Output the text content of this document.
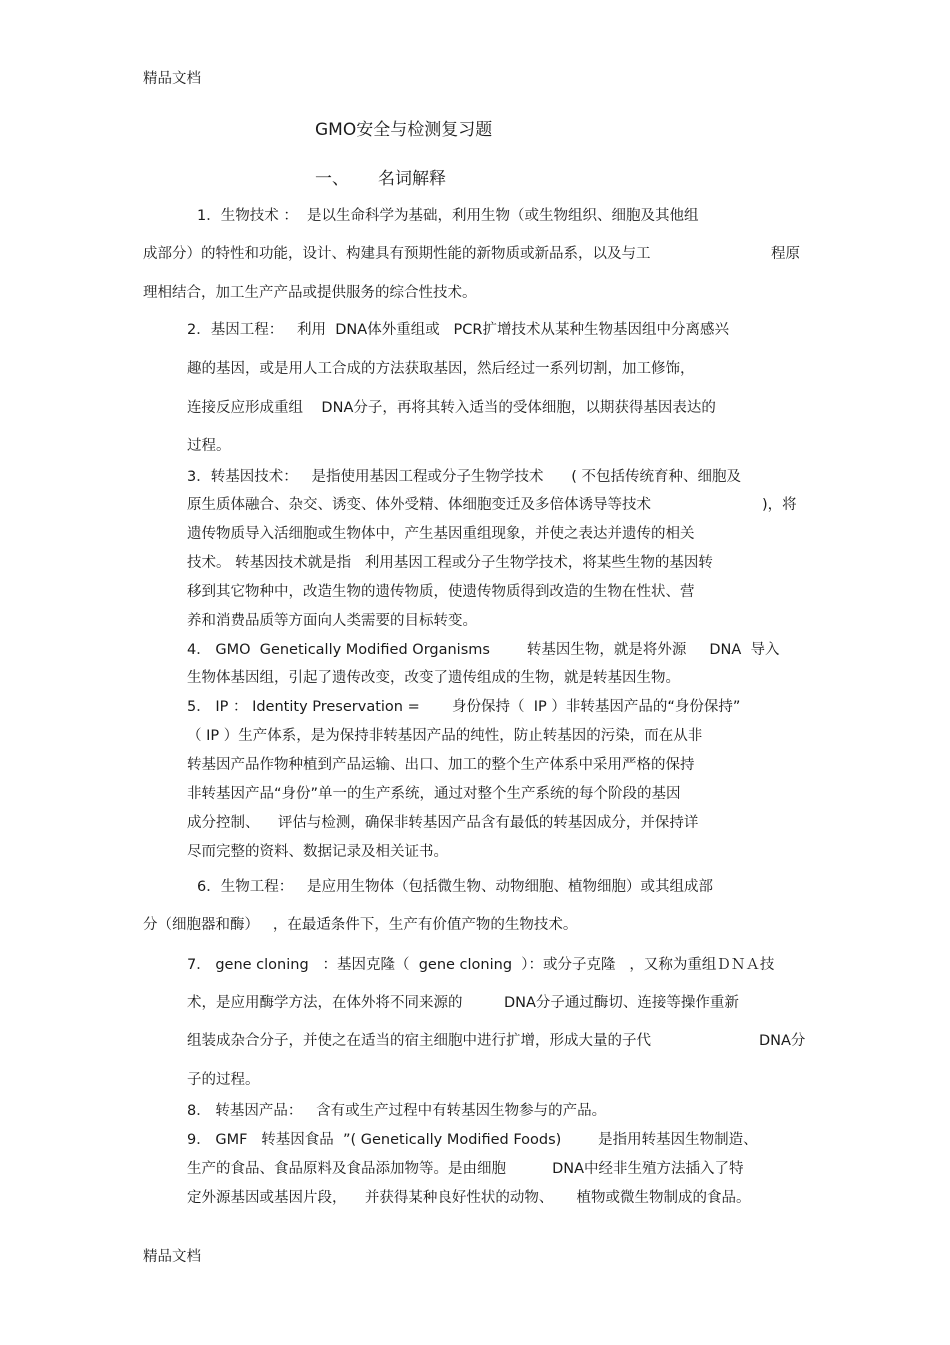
精品文档
GMO安全与检测复习题
一、 名词解释
1．生物技术 ：  是以生命科学为基础，利用生物（或生物组织、细胞及其他组
成部分）的特性和功能，设计、构建具有预期性能的新物质或新品系，以及与工	程原
理相结合，加工生产产品或提供服务的综合性技术。
2．基因工程：   利用  DNA体外重组或   PCR扩增技术从某种生物基因组中分离感兴
趣的基因，或是用人工合成的方法获取基因，然后经过一系列切割，加工修饰，
连接反应形成重组    DNA分子，再将其转入适当的受体细胞，以期获得基因表达的
过程。
3．转基因技术：   是指使用基因工程或分子生物学技术      ( 不包括传统育种、细胞及
原生质体融合、杂交、诱变、体外受精、体细胞变迁及多倍体诱导等技术	)，将
遗传物质导入活细胞或生物体中，产生基因重组现象，并使之表达并遗传的相关
技术。 转基因技术就是指   利用基因工程或分子生物学技术，将某些生物的基因转
移到其它物种中，改造生物的遗传物质，使遗传物质得到改造的生物在性状、营
养和消费品质等方面向人类需要的目标转变。
4． GMO  Genetically Modified Organisms        转基因生物，就是将外源     DNA  导入
生物体基因组，引起了遗传改变，改变了遗传组成的生物，就是转基因生物。
5． IP ： Identity Preservation =       身份保持（  IP ）非转基因产品的“身份保持”
（ IP ）生产体系，是为保持非转基因产品的纯性，防止转基因的污染，而在从非
转基因产品作物种植到产品运输、出口、加工的整个生产体系中采用严格的保持
非转基因产品“身份”单一的生产系统，通过对整个生产系统的每个阶段的基因
成分控制、    评估与检测，确保非转基因产品含有最低的转基因成分，并保持详
尽而完整的资料、数据记录及相关证书。
6．生物工程：   是应用生物体（包括微生物、动物细胞、植物细胞）或其组成部
分（细胞器和酶）   ，在最适条件下，生产有价值产物的生物技术。
7． gene cloning   ：基因克隆（  gene cloning  ）：或分子克隆   ，又称为重组ＤＮＡ技
术，是应用酶学方法，在体外将不同来源的         DNA分子通过酶切、连接等操作重新
组装成杂合分子，并使之在适当的宿主细胞中进行扩增，形成大量的子代	DNA分
子的过程。
8． 转基因产品：   含有或生产过程中有转基因生物参与的产品。
9． GMF   转基因食品  ”( Genetically Modified Foods)        是指用转基因生物制造、
生产的食品、食品原料及食品添加物等。是由细胞          DNA中经非生殖方法插入了特
定外源基因或基因片段，    并获得某种良好性状的动物、     植物或微生物制成的食品。
精品文档
